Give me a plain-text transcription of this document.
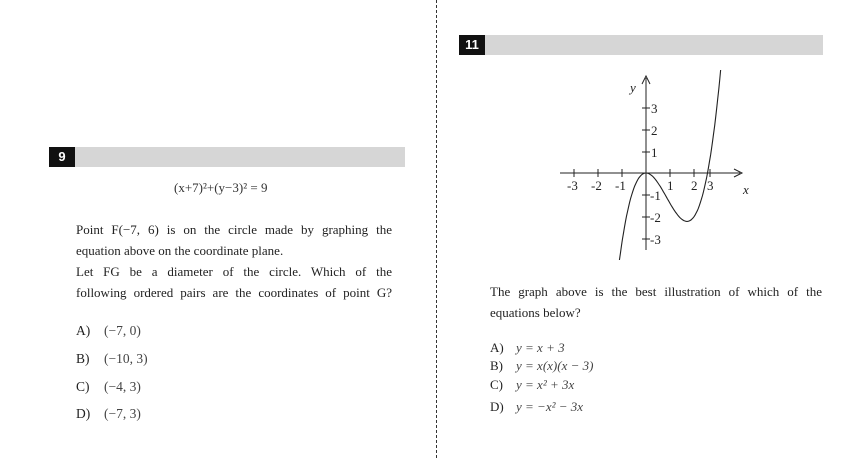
9
(x+7)²+(y−3)² = 9
Point F(−7, 6) is on the circle made by graphing the
equation above on the coordinate plane.
Let FG be a diameter of the circle. Which of the
following ordered pairs are the coordinates of point G?
A) (−7, 0)
B) (−10, 3)
C) (−4, 3)
D) (−7, 3)
11
-3 -2 -1	1 2 3
3
2
1
-1
-2
-3
y
x
The graph above is the best illustration of which of the
equations below?
A) y = x + 3
B) y = x(x)(x − 3)
C) y = x² + 3x
D) y = −x² − 3x
